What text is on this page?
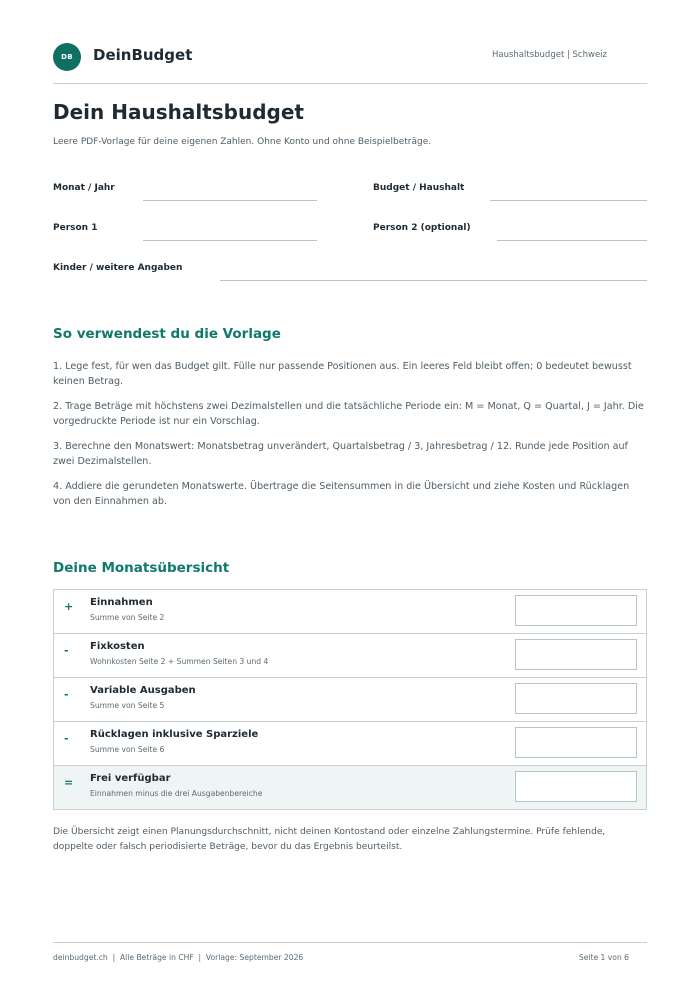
DB	DeinBudget	Haushaltsbudget | Schweiz
Dein Haushaltsbudget
Leere PDF-Vorlage für deine eigenen Zahlen. Ohne Konto und ohne Beispielbeträge.
Monat / Jahr	Budget / Haushalt
Person 1	Person 2 (optional)
Kinder / weitere Angaben
So verwendest du die Vorlage

1. Lege fest, für wen das Budget gilt. Fülle nur passende Positionen aus. Ein leeres Feld bleibt offen; 0 bedeutet bewusst keinen Betrag.

2. Trage Beträge mit höchstens zwei Dezimalstellen und die tatsächliche Periode ein: M = Monat, Q = Quartal, J = Jahr. Die vorgedruckte Periode ist nur ein Vorschlag.

3. Berechne den Monatswert: Monatsbetrag unverändert, Quartalsbetrag / 3, Jahresbetrag / 12. Runde jede Position auf zwei Dezimalstellen.

4. Addiere die gerundeten Monatswerte. Übertrage die Seitensummen in die Übersicht und ziehe Kosten und Rücklagen von den Einnahmen ab.

Deine Monatsübersicht
+ Einnahmen
Summe von Seite 2
- Fixkosten
Wohnkosten Seite 2 + Summen Seiten 3 und 4
- Variable Ausgaben
Summe von Seite 5
- Rücklagen inklusive Sparziele
Summe von Seite 6
= Frei verfügbar
Einnahmen minus die drei Ausgabenbereiche

Die Übersicht zeigt einen Planungsdurchschnitt, nicht deinen Kontostand oder einzelne Zahlungstermine. Prüfe fehlende, doppelte oder falsch periodisierte Beträge, bevor du das Ergebnis beurteilst.

deinbudget.ch  |  Alle Beträge in CHF  |  Vorlage: September 2026	Seite 1 von 6
